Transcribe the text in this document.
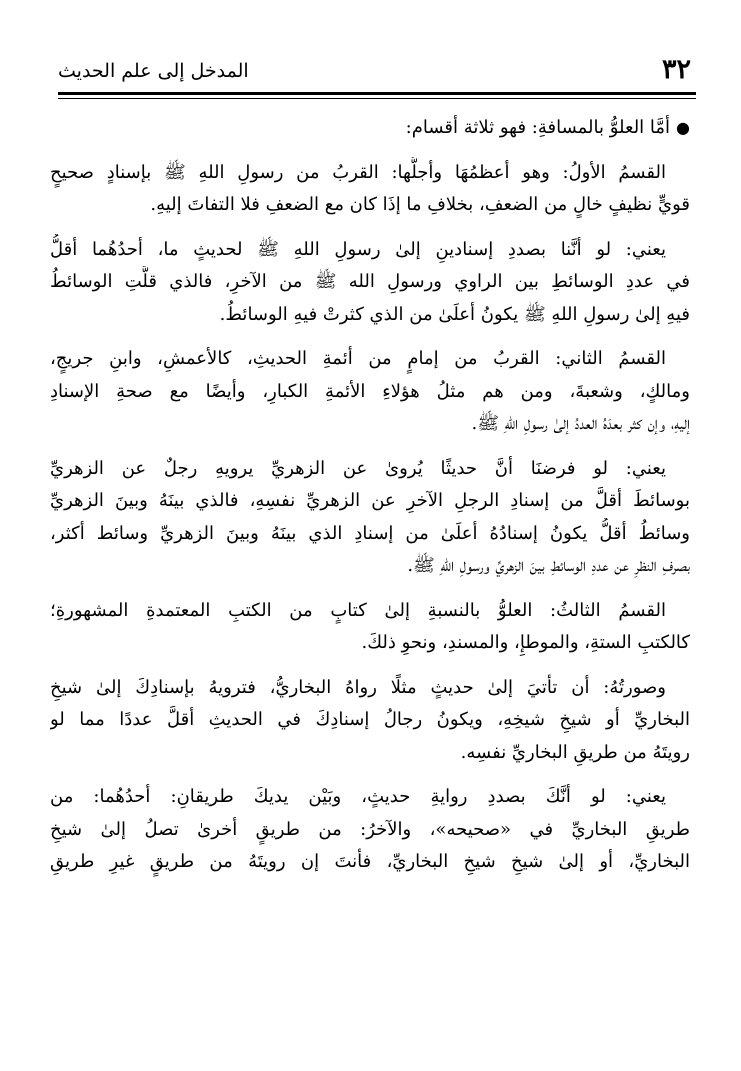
٣٢
المدخل إلى علم الحديث

●أمَّا العلوُّ بالمسافةِ: فهو ثلاثة أقسام:

القسمُ الأولُ: وهو أعظمُهَا وأجلُّها: القربُ من رسولِ اللهِ ﷺ بإسنادٍ صحيحٍ
قويٍّ نظيفٍ خالٍ من الضعفِ، بخلافِ ما إذَا كان مع الضعفِ فلا التفاتَ إليهِ.

يعني: لو أنَّنا بصددِ إسنادينِ إلىٰ رسولِ اللهِ ﷺ لحديثٍ ما، أحدُهُما أقلُّ
في عددِ الوسائطِ بين الراوي ورسولِ الله ﷺ من الآخرِ، فالذي قلَّتِ الوسائطُ
فيهِ إلىٰ رسولِ اللهِ ﷺ يكونُ أعلَىٰ من الذي كثرتْ فيهِ الوسائطُ.

القسمُ الثاني: القربُ من إمامٍ من أئمةِ الحديثِ، كالأعمشِ، وابنِ جريجٍ،
ومالكٍ، وشعبةَ، ومن هم مثلُ هؤلاءِ الأئمةِ الكبارِ، وأيضًا مع صحةِ الإسنادِ
إليهِ، وإن كثر بعدَهُ العددُ إلىٰ رسولِ اللهِ ﷺ.

يعني: لو فرضنَا أنَّ حديثًا يُروىٰ عن الزهريِّ يرويهِ رجلٌ عن الزهريِّ
بوسائطَ أقلَّ من إسنادِ الرجلِ الآخرِ عن الزهريِّ نفسِهِ، فالذي بينَهُ وبينَ الزهريِّ
وسائطُ أقلُّ يكونُ إسنادُهُ أعلَىٰ من إسنادِ الذي بينَهُ وبينَ الزهريِّ وسائط أكثر،
بصرفِ النظرِ عن عددِ الوسائطِ بينَ الزهريِّ ورسولِ اللهِ ﷺ.

القسمُ الثالثُ: العلوُّ بالنسبةِ إلىٰ كتابٍ من الكتبِ المعتمدةِ المشهورةِ؛
كالكتبِ الستةِ، والموطإِ، والمسندِ، ونحوِ ذلكَ.

وصورتُهُ: أن تأتيَ إلىٰ حديثٍ مثلًا رواهُ البخاريُّ، فترويهُ بإسنادِكَ إلىٰ شيخِ
البخاريِّ أو شيخِ شيخِهِ، ويكونُ رجالُ إسنادِكَ في الحديثِ أقلَّ عددًا مما لو
رويتَهُ من طريقِ البخاريِّ نفسِه.

يعني: لو أنَّكَ بصددِ روايةِ حديثٍ، وبَيْن يديكَ طريقانِ: أحدُهُما: من
طريقِ البخاريِّ في «صحيحه»، والآخرُ: من طريقٍ أخرىٰ تصلُ إلىٰ شيخِ
البخاريِّ، أو إلىٰ شيخِ شيخِ البخاريِّ، فأنتَ إن رويتَهُ من طريقٍ غيرِ طريقِ
